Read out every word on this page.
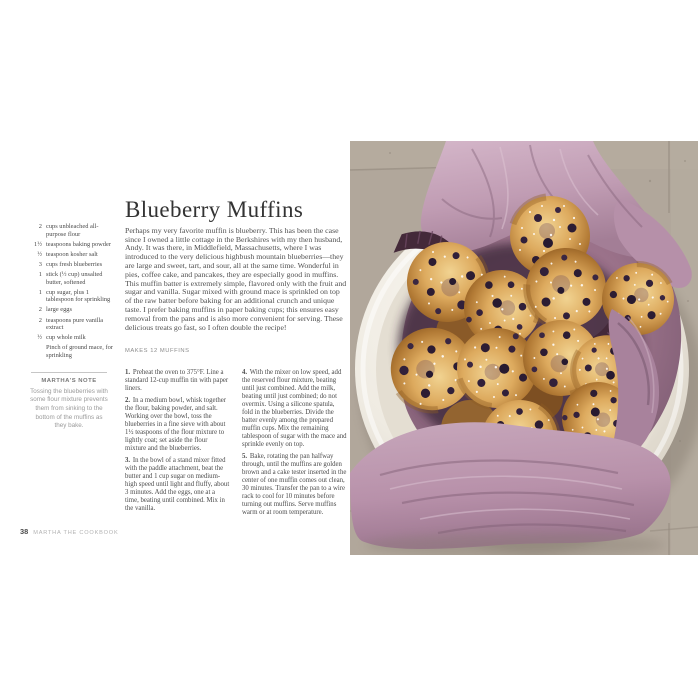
Blueberry Muffins
2 cups unbleached all-purpose flour
1½ teaspoons baking powder
½ teaspoon kosher salt
3 cups fresh blueberries
1 stick (½ cup) unsalted butter, softened
1 cup sugar, plus 1 tablespoon for sprinkling
2 large eggs
2 teaspoons pure vanilla extract
½ cup whole milk
Pinch of ground mace, for sprinkling

Perhaps my very favorite muffin is blueberry. This has been the case since I owned a little cottage in the Berkshires with my then husband, Andy. It was there, in Middlefield, Massachusetts, where I was introduced to the very delicious highbush mountain blueberries—they are large and sweet, tart, and sour, all at the same time. Wonderful in pies, coffee cake, and pancakes, they are especially good in muffins. This muffin batter is extremely simple, flavored only with the fruit and sugar and vanilla. Sugar mixed with ground mace is sprinkled on top of the raw batter before baking for an additional crunch and unique taste. I prefer baking muffins in paper baking cups; this ensures easy removal from the pans and is also more convenient for serving. These delicious treats go fast, so I often double the recipe!

MAKES 12 MUFFINS

1. Preheat the oven to 375°F. Line a standard 12-cup muffin tin with paper liners.

2. In a medium bowl, whisk together the flour, baking powder, and salt. Working over the bowl, toss the blueberries in a fine sieve with about 1½ teaspoons of the flour mixture to lightly coat; set aside the flour mixture and the blueberries.

3. In the bowl of a stand mixer fitted with the paddle attachment, beat the butter and 1 cup sugar on medium-high speed until light and fluffy, about 3 minutes. Add the eggs, one at a time, beating until combined. Mix in the vanilla.

4. With the mixer on low speed, add the reserved flour mixture, beating until just combined. Add the milk, beating until just combined; do not overmix. Using a silicone spatula, fold in the blueberries. Divide the batter evenly among the prepared muffin cups. Mix the remaining tablespoon of sugar with the mace and sprinkle evenly on top.

5. Bake, rotating the pan halfway through, until the muffins are golden brown and a cake tester inserted in the center of one muffin comes out clean, 30 minutes. Transfer the pan to a wire rack to cool for 10 minutes before turning out muffins. Serve muffins warm or at room temperature.

MARTHA'S NOTE
Tossing the blueberries with some flour mixture prevents them from sinking to the bottom of the muffins as they bake.
38 MARTHA THE COOKBOOK
